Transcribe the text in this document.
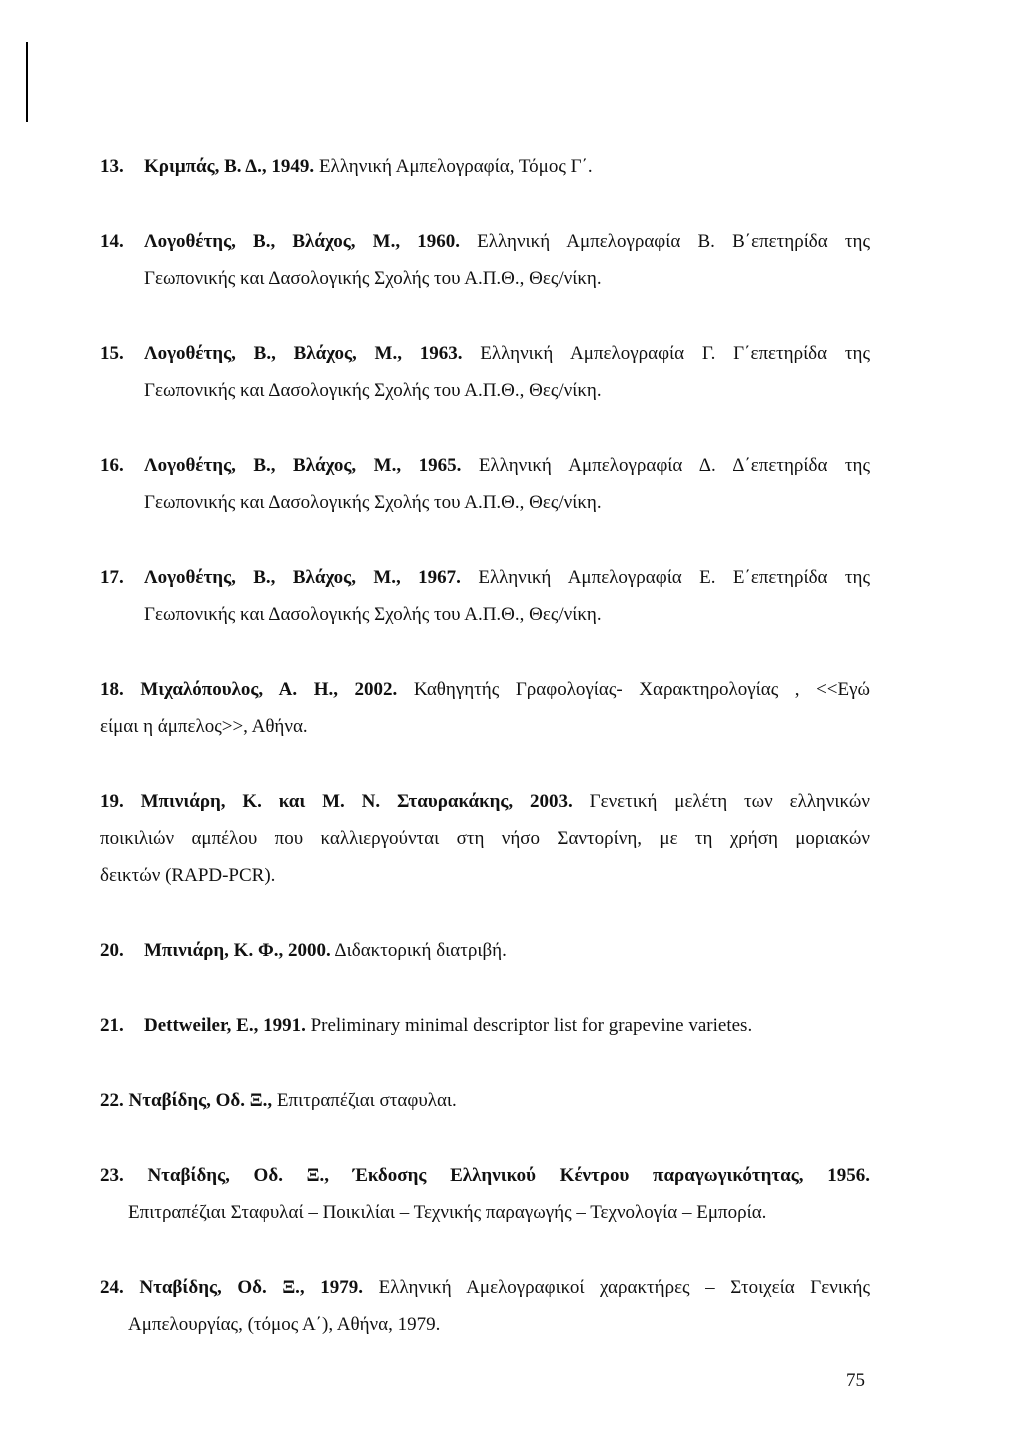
13. Κριμπάς, Β. Δ., 1949. Ελληνική Αμπελογραφία, Τόμος Γ΄.
14. Λογοθέτης, Β., Βλάχος, Μ., 1960. Ελληνική Αμπελογραφία Β. Β΄επετηρίδα της
Γεωπονικής και Δασολογικής Σχολής του Α.Π.Θ., Θες/νίκη.
15. Λογοθέτης, Β., Βλάχος, Μ., 1963. Ελληνική Αμπελογραφία Γ. Γ΄επετηρίδα της
Γεωπονικής και Δασολογικής Σχολής του Α.Π.Θ., Θες/νίκη.
16. Λογοθέτης, Β., Βλάχος, Μ., 1965. Ελληνική Αμπελογραφία Δ. Δ΄επετηρίδα της
Γεωπονικής και Δασολογικής Σχολής του Α.Π.Θ., Θες/νίκη.
17. Λογοθέτης, Β., Βλάχος, Μ., 1967. Ελληνική Αμπελογραφία Ε. Ε΄επετηρίδα της
Γεωπονικής και Δασολογικής Σχολής του Α.Π.Θ., Θες/νίκη.
18. Μιχαλόπουλος, Α. Η., 2002. Καθηγητής Γραφολογίας- Χαρακτηρολογίας , <<Εγώ
είμαι η άμπελος>>, Αθήνα.
19. Μπινιάρη, Κ. και Μ. Ν. Σταυρακάκης, 2003. Γενετική μελέτη των ελληνικών
ποικιλιών αμπέλου που καλλιεργούνται στη νήσο Σαντορίνη, με τη χρήση μοριακών
δεικτών (RAPD-PCR).
20. Μπινιάρη, Κ. Φ., 2000. Διδακτορική διατριβή.
21. Dettweiler, E., 1991. Preliminary minimal descriptor list for grapevine varietes.
22. Νταβίδης, Οδ. Ξ., Επιτραπέζιαι σταφυλαι.
23. Νταβίδης, Οδ. Ξ., Έκδοσης Ελληνικού Κέντρου παραγωγικότητας, 1956.
Επιτραπέζιαι Σταφυλαί – Ποικιλίαι – Τεχνικής παραγωγής – Τεχνολογία – Εμπορία.
24. Νταβίδης, Οδ. Ξ., 1979. Ελληνική Αμελογραφικοί χαρακτήρες – Στοιχεία Γενικής
Αμπελουργίας, (τόμος Α΄), Αθήνα, 1979.
75
